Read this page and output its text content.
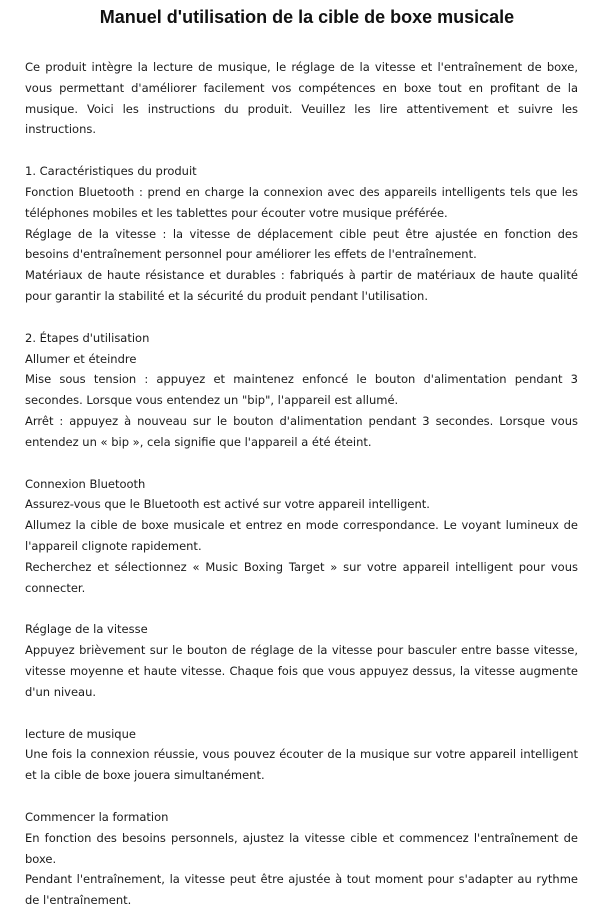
Manuel d'utilisation de la cible de boxe musicale

Ce produit intègre la lecture de musique, le réglage de la vitesse et l'entraînement de boxe, vous permettant d'améliorer facilement vos compétences en boxe tout en profitant de la musique. Voici les instructions du produit. Veuillez les lire attentivement et suivre les instructions.

1. Caractéristiques du produit

Fonction Bluetooth : prend en charge la connexion avec des appareils intelligents tels que les téléphones mobiles et les tablettes pour écouter votre musique préférée.

Réglage de la vitesse : la vitesse de déplacement cible peut être ajustée en fonction des besoins d'entraînement personnel pour améliorer les effets de l'entraînement.

Matériaux de haute résistance et durables : fabriqués à partir de matériaux de haute qualité pour garantir la stabilité et la sécurité du produit pendant l'utilisation.

2. Étapes d'utilisation

Allumer et éteindre

Mise sous tension : appuyez et maintenez enfoncé le bouton d'alimentation pendant 3 secondes. Lorsque vous entendez un "bip", l'appareil est allumé.

Arrêt : appuyez à nouveau sur le bouton d'alimentation pendant 3 secondes. Lorsque vous entendez un « bip », cela signifie que l'appareil a été éteint.

Connexion Bluetooth

Assurez-vous que le Bluetooth est activé sur votre appareil intelligent.

Allumez la cible de boxe musicale et entrez en mode correspondance. Le voyant lumineux de l'appareil clignote rapidement.

Recherchez et sélectionnez « Music Boxing Target » sur votre appareil intelligent pour vous connecter.

Réglage de la vitesse

Appuyez brièvement sur le bouton de réglage de la vitesse pour basculer entre basse vitesse, vitesse moyenne et haute vitesse. Chaque fois que vous appuyez dessus, la vitesse augmente d'un niveau.

lecture de musique

Une fois la connexion réussie, vous pouvez écouter de la musique sur votre appareil intelligent et la cible de boxe jouera simultanément.

Commencer la formation

En fonction des besoins personnels, ajustez la vitesse cible et commencez l'entraînement de boxe.

Pendant l'entraînement, la vitesse peut être ajustée à tout moment pour s'adapter au rythme de l'entraînement.
